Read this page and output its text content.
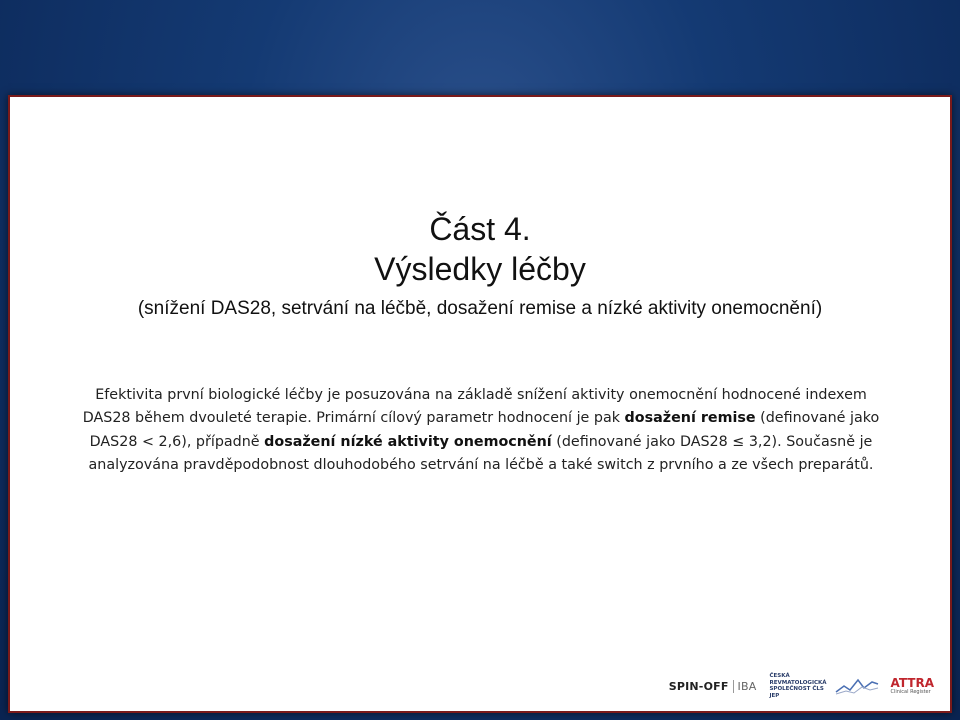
Část 4.
Výsledky léčby
(snížení DAS28, setrvání na léčbě, dosažení remise a nízké aktivity onemocnění)
Efektivita první biologické léčby je posuzována na základě snížení aktivity onemocnění hodnocené indexem DAS28 během dvouleté terapie. Primární cílový parametr hodnocení je pak dosažení remise (definované jako DAS28 < 2,6), případně dosažení nízké aktivity onemocnění (definované jako DAS28 ≤ 3,2). Současně je analyzována pravděpodobnost dlouhodobého setrvání na léčbě a také switch z prvního a ze všech preparátů.
SPIN-OFF IBA
ČESKÁ REVMATOLOGICKÁ SPOLEČNOST ČLS JEP
ATTRA
Clinical Register
